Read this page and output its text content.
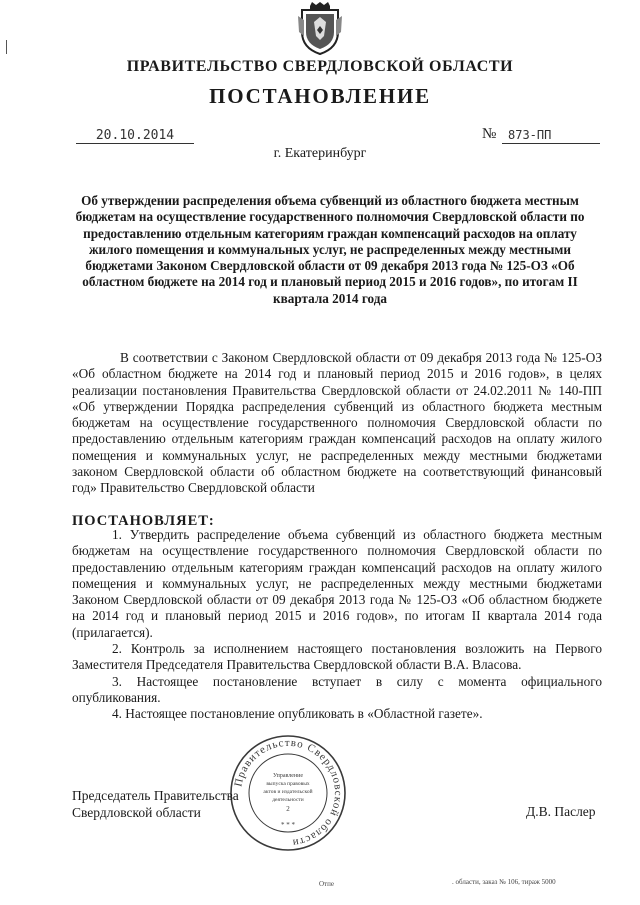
ПРАВИТЕЛЬСТВО СВЕРДЛОВСКОЙ ОБЛАСТИ
ПОСТАНОВЛЕНИЕ
20.10.2014	№ 873-ПП
г. Екатеринбург

Об утверждении распределения объема субвенций из областного бюджета местным бюджетам на осуществление государственного полномочия Свердловской области по предоставлению отдельным категориям граждан компенсаций расходов на оплату жилого помещения и коммунальных услуг, не распределенных между местными бюджетами Законом Свердловской области от 09 декабря 2013 года № 125-ОЗ «Об областном бюджете на 2014 год и плановый период 2015 и 2016 годов», по итогам II квартала 2014 года

В соответствии с Законом Свердловской области от 09 декабря 2013 года № 125-ОЗ «Об областном бюджете на 2014 год и плановый период 2015 и 2016 годов», в целях реализации постановления Правительства Свердловской области от 24.02.2011 № 140-ПП «Об утверждении Порядка распределения субвенций из областного бюджета местным бюджетам на осуществление государственного полномочия Свердловской области по предоставлению отдельным категориям граждан компенсаций расходов на оплату жилого помещения и коммунальных услуг, не распределенных между местными бюджетами законом Свердловской области об областном бюджете на соответствующий финансовый год» Правительство Свердловской области

ПОСТАНОВЛЯЕТ:

1. Утвердить распределение объема субвенций из областного бюджета местным бюджетам на осуществление государственного полномочия Свердловской области по предоставлению отдельным категориям граждан компенсаций расходов на оплату жилого помещения и коммунальных услуг, не распределенных между местными бюджетами Законом Свердловской области от 09 декабря 2013 года № 125-ОЗ «Об областном бюджете на 2014 год и плановый период 2015 и 2016 годов», по итогам II квартала 2014 года (прилагается).
2. Контроль за исполнением настоящего постановления возложить на Первого Заместителя Председателя Правительства Свердловской области В.А. Власова.
3. Настоящее постановление вступает в силу с момента официального опубликования.
4. Настоящее постановление опубликовать в «Областной газете».
Правительство Свердловской области
Управление
выпуска правовых
актов и издательской
деятельности
2
* * *
Председатель Правительства
Свердловской области	Д.В. Паслер
Отпе	. области, заказ № 106, тираж 5000
